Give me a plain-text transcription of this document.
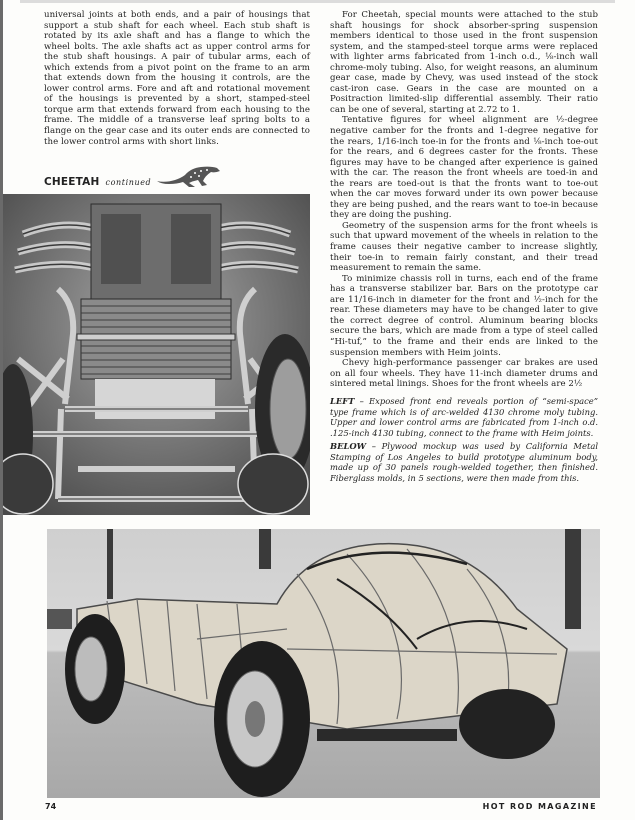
universal joints at both ends, and a pair of housings that support a stub shaft for each wheel. Each stub shaft is rotated by its axle shaft and has a flange to which the wheel bolts. The axle shafts act as upper control arms for the stub shaft housings. A pair of tubular arms, each of which extends from a pivot point on the frame to an arm that extends down from the housing it controls, are the lower control arms. Fore and aft and rotational movement of the housings is prevented by a short, stamped-steel torque arm that extends forward from each housing to the frame. The middle of a transverse leaf spring bolts to a flange on the gear case and its outer ends are connected to the lower control arms with short links.

CHEETAH continued

For Cheetah, special mounts were attached to the stub shaft housings for shock absorber-spring suspension members identical to those used in the front suspension system, and the stamped-steel torque arms were replaced with lighter arms fabricated from 1-inch o.d., ⅛-inch wall chrome-moly tubing. Also, for weight reasons, an aluminum gear case, made by Chevy, was used instead of the stock cast-iron case. Gears in the case are mounted on a Positraction limited-slip differential assembly. Their ratio can be one of several, starting at 2.72 to 1.

Tentative figures for wheel alignment are ½-degree negative camber for the fronts and 1-degree negative for the rears, 1/16-inch toe-in for the fronts and ⅛-inch toe-out for the rears, and 6 degrees caster for the fronts. These figures may have to be changed after experience is gained with the car. The reason the front wheels are toed-in and the rears are toed-out is that the fronts want to toe-out when the car moves forward under its own power because they are being pushed, and the rears want to toe-in because they are doing the pushing.

Geometry of the suspension arms for the front wheels is such that upward movement of the wheels in relation to the frame causes their negative camber to increase slightly, their toe-in to remain fairly constant, and their tread measurement to remain the same.

To minimize chassis roll in turns, each end of the frame has a transverse stabilizer bar. Bars on the prototype car are 11/16-inch in diameter for the front and ½-inch for the rear. These diameters may have to be changed later to give the correct degree of control. Aluminum bearing blocks secure the bars, which are made from a type of steel called “Hi-tuf,” to the frame and their ends are linked to the suspension members with Heim joints.

Chevy high-performance passenger car brakes are used on all four wheels. They have 11-inch diameter drums and sintered metal linings. Shoes for the front wheels are 2½

LEFT – Exposed front end reveals portion of “semi-space” type frame which is of arc-welded 4130 chrome moly tubing. Upper and lower control arms are fabricated from 1-inch o.d. .125-inch 4130 tubing, connect to the frame with Heim joints.
BELOW – Plywood mockup was used by California Metal Stamping of Los Angeles to build prototype aluminum body, made up of 30 panels rough-welded together, then finished. Fiberglass molds, in 5 sections, were then made from this.
74	HOT ROD MAGAZINE
